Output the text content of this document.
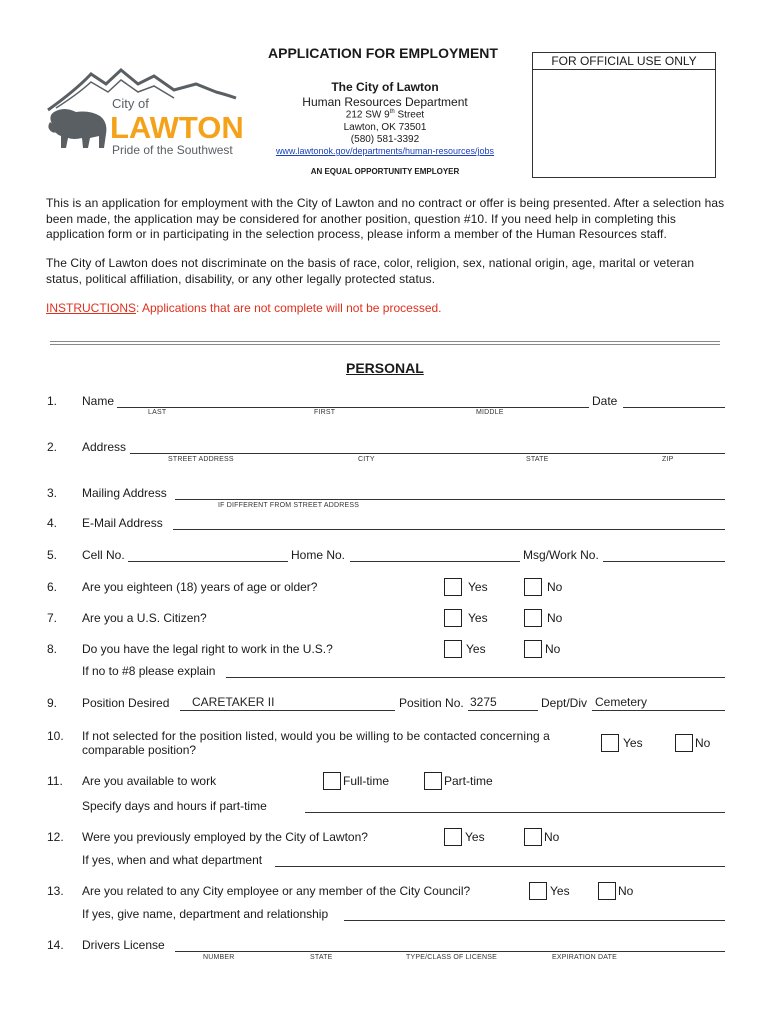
City of
LAWTON
Pride of the Southwest
APPLICATION FOR EMPLOYMENT
The City of Lawton
Human Resources Department
212 SW 9th Street
Lawton, OK 73501
(580) 581-3392
www.lawtonok.gov/departments/human-resources/jobs
AN EQUAL OPPORTUNITY EMPLOYER
FOR OFFICIAL USE ONLY
This is an application for employment with the City of Lawton and no contract or offer is being presented. After a selection has been made, the application may be considered for another position, question #10. If you need help in completing this application form or in participating in the selection process, please inform a member of the Human Resources staff.
The City of Lawton does not discriminate on the basis of race, color, religion, sex, national origin, age, marital or veteran status, political affiliation, disability, or any other legally protected status.
INSTRUCTIONS: Applications that are not complete will not be processed.
PERSONAL
1. Name	Date
LAST	FIRST	MIDDLE
2. Address
STREET ADDRESS	CITY	STATE	ZIP
3. Mailing Address
IF DIFFERENT FROM STREET ADDRESS
4. E-Mail Address
5. Cell No.	Home No.	Msg/Work No.
6. Are you eighteen (18) years of age or older?	Yes	No
7. Are you a U.S. Citizen?	Yes	No
8. Do you have the legal right to work in the U.S.?	Yes	No
If no to #8 please explain
9. Position Desired CARETAKER II	Position No. 3275	Dept/Div Cemetery
10. If not selected for the position listed, would you be willing to be contacted concerning a
comparable position?	Yes	No
11. Are you available to work	Full-time	Part-time
Specify days and hours if part-time
12. Were you previously employed by the City of Lawton?	Yes	No
If yes, when and what department
13. Are you related to any City employee or any member of the City Council?	Yes	No
If yes, give name, department and relationship
14. Drivers License
NUMBER	STATE	TYPE/CLASS OF LICENSE	EXPIRATION DATE
